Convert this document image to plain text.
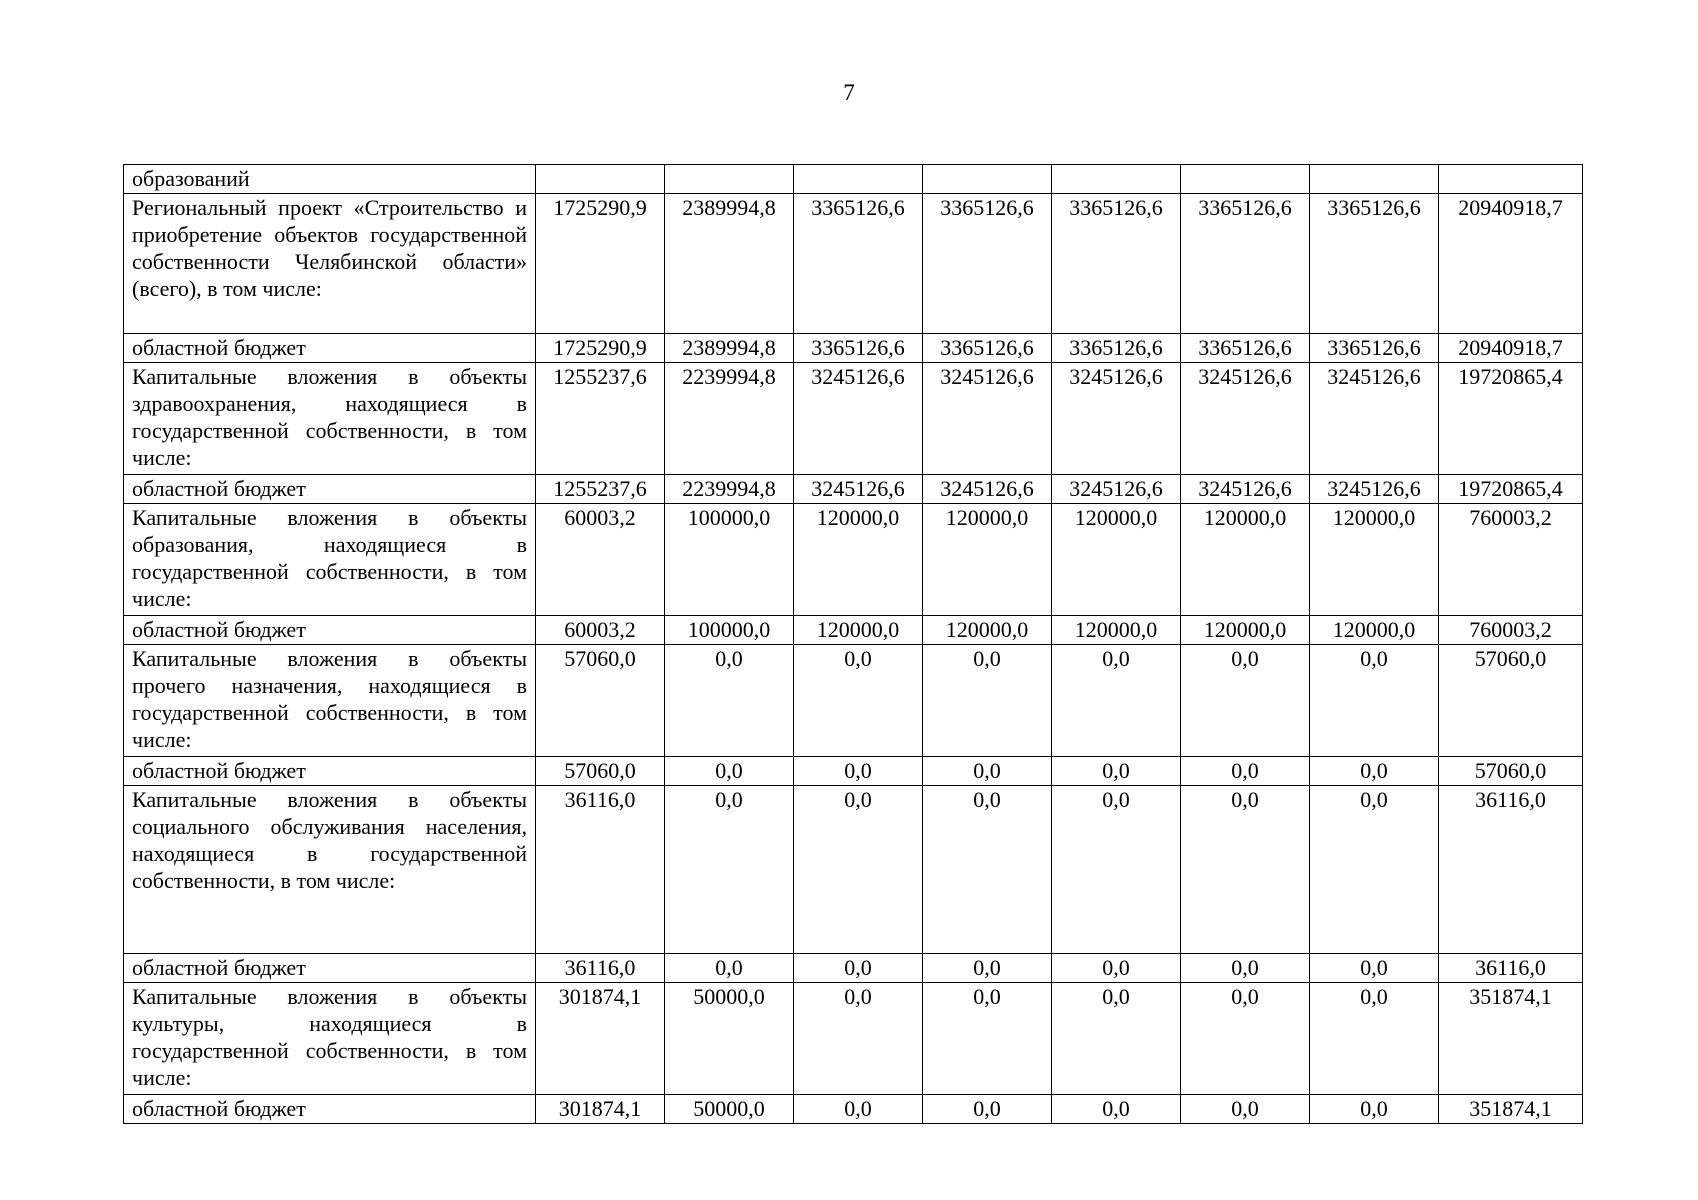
7
образований								
Региональный проект «Строительство и приобретение объектов государственной собственности Челябинской области» (всего), в том числе:	1725290,9	2389994,8	3365126,6	3365126,6	3365126,6	3365126,6	3365126,6	20940918,7
областной бюджет	1725290,9	2389994,8	3365126,6	3365126,6	3365126,6	3365126,6	3365126,6	20940918,7
Капитальные вложения в объекты здравоохранения, находящиеся в государственной собственности, в том числе:	1255237,6	2239994,8	3245126,6	3245126,6	3245126,6	3245126,6	3245126,6	19720865,4
областной бюджет	1255237,6	2239994,8	3245126,6	3245126,6	3245126,6	3245126,6	3245126,6	19720865,4
Капитальные вложения в объекты образования, находящиеся в государственной собственности, в том числе:	60003,2	100000,0	120000,0	120000,0	120000,0	120000,0	120000,0	760003,2
областной бюджет	60003,2	100000,0	120000,0	120000,0	120000,0	120000,0	120000,0	760003,2
Капитальные вложения в объекты прочего назначения, находящиеся в государственной собственности, в том числе:	57060,0	0,0	0,0	0,0	0,0	0,0	0,0	57060,0
областной бюджет	57060,0	0,0	0,0	0,0	0,0	0,0	0,0	57060,0
Капитальные вложения в объекты социального обслуживания населения, находящиеся в государственной собственности, в том числе:	36116,0	0,0	0,0	0,0	0,0	0,0	0,0	36116,0
областной бюджет	36116,0	0,0	0,0	0,0	0,0	0,0	0,0	36116,0
Капитальные вложения в объекты культуры, находящиеся в государственной собственности, в том числе:	301874,1	50000,0	0,0	0,0	0,0	0,0	0,0	351874,1
областной бюджет	301874,1	50000,0	0,0	0,0	0,0	0,0	0,0	351874,1
